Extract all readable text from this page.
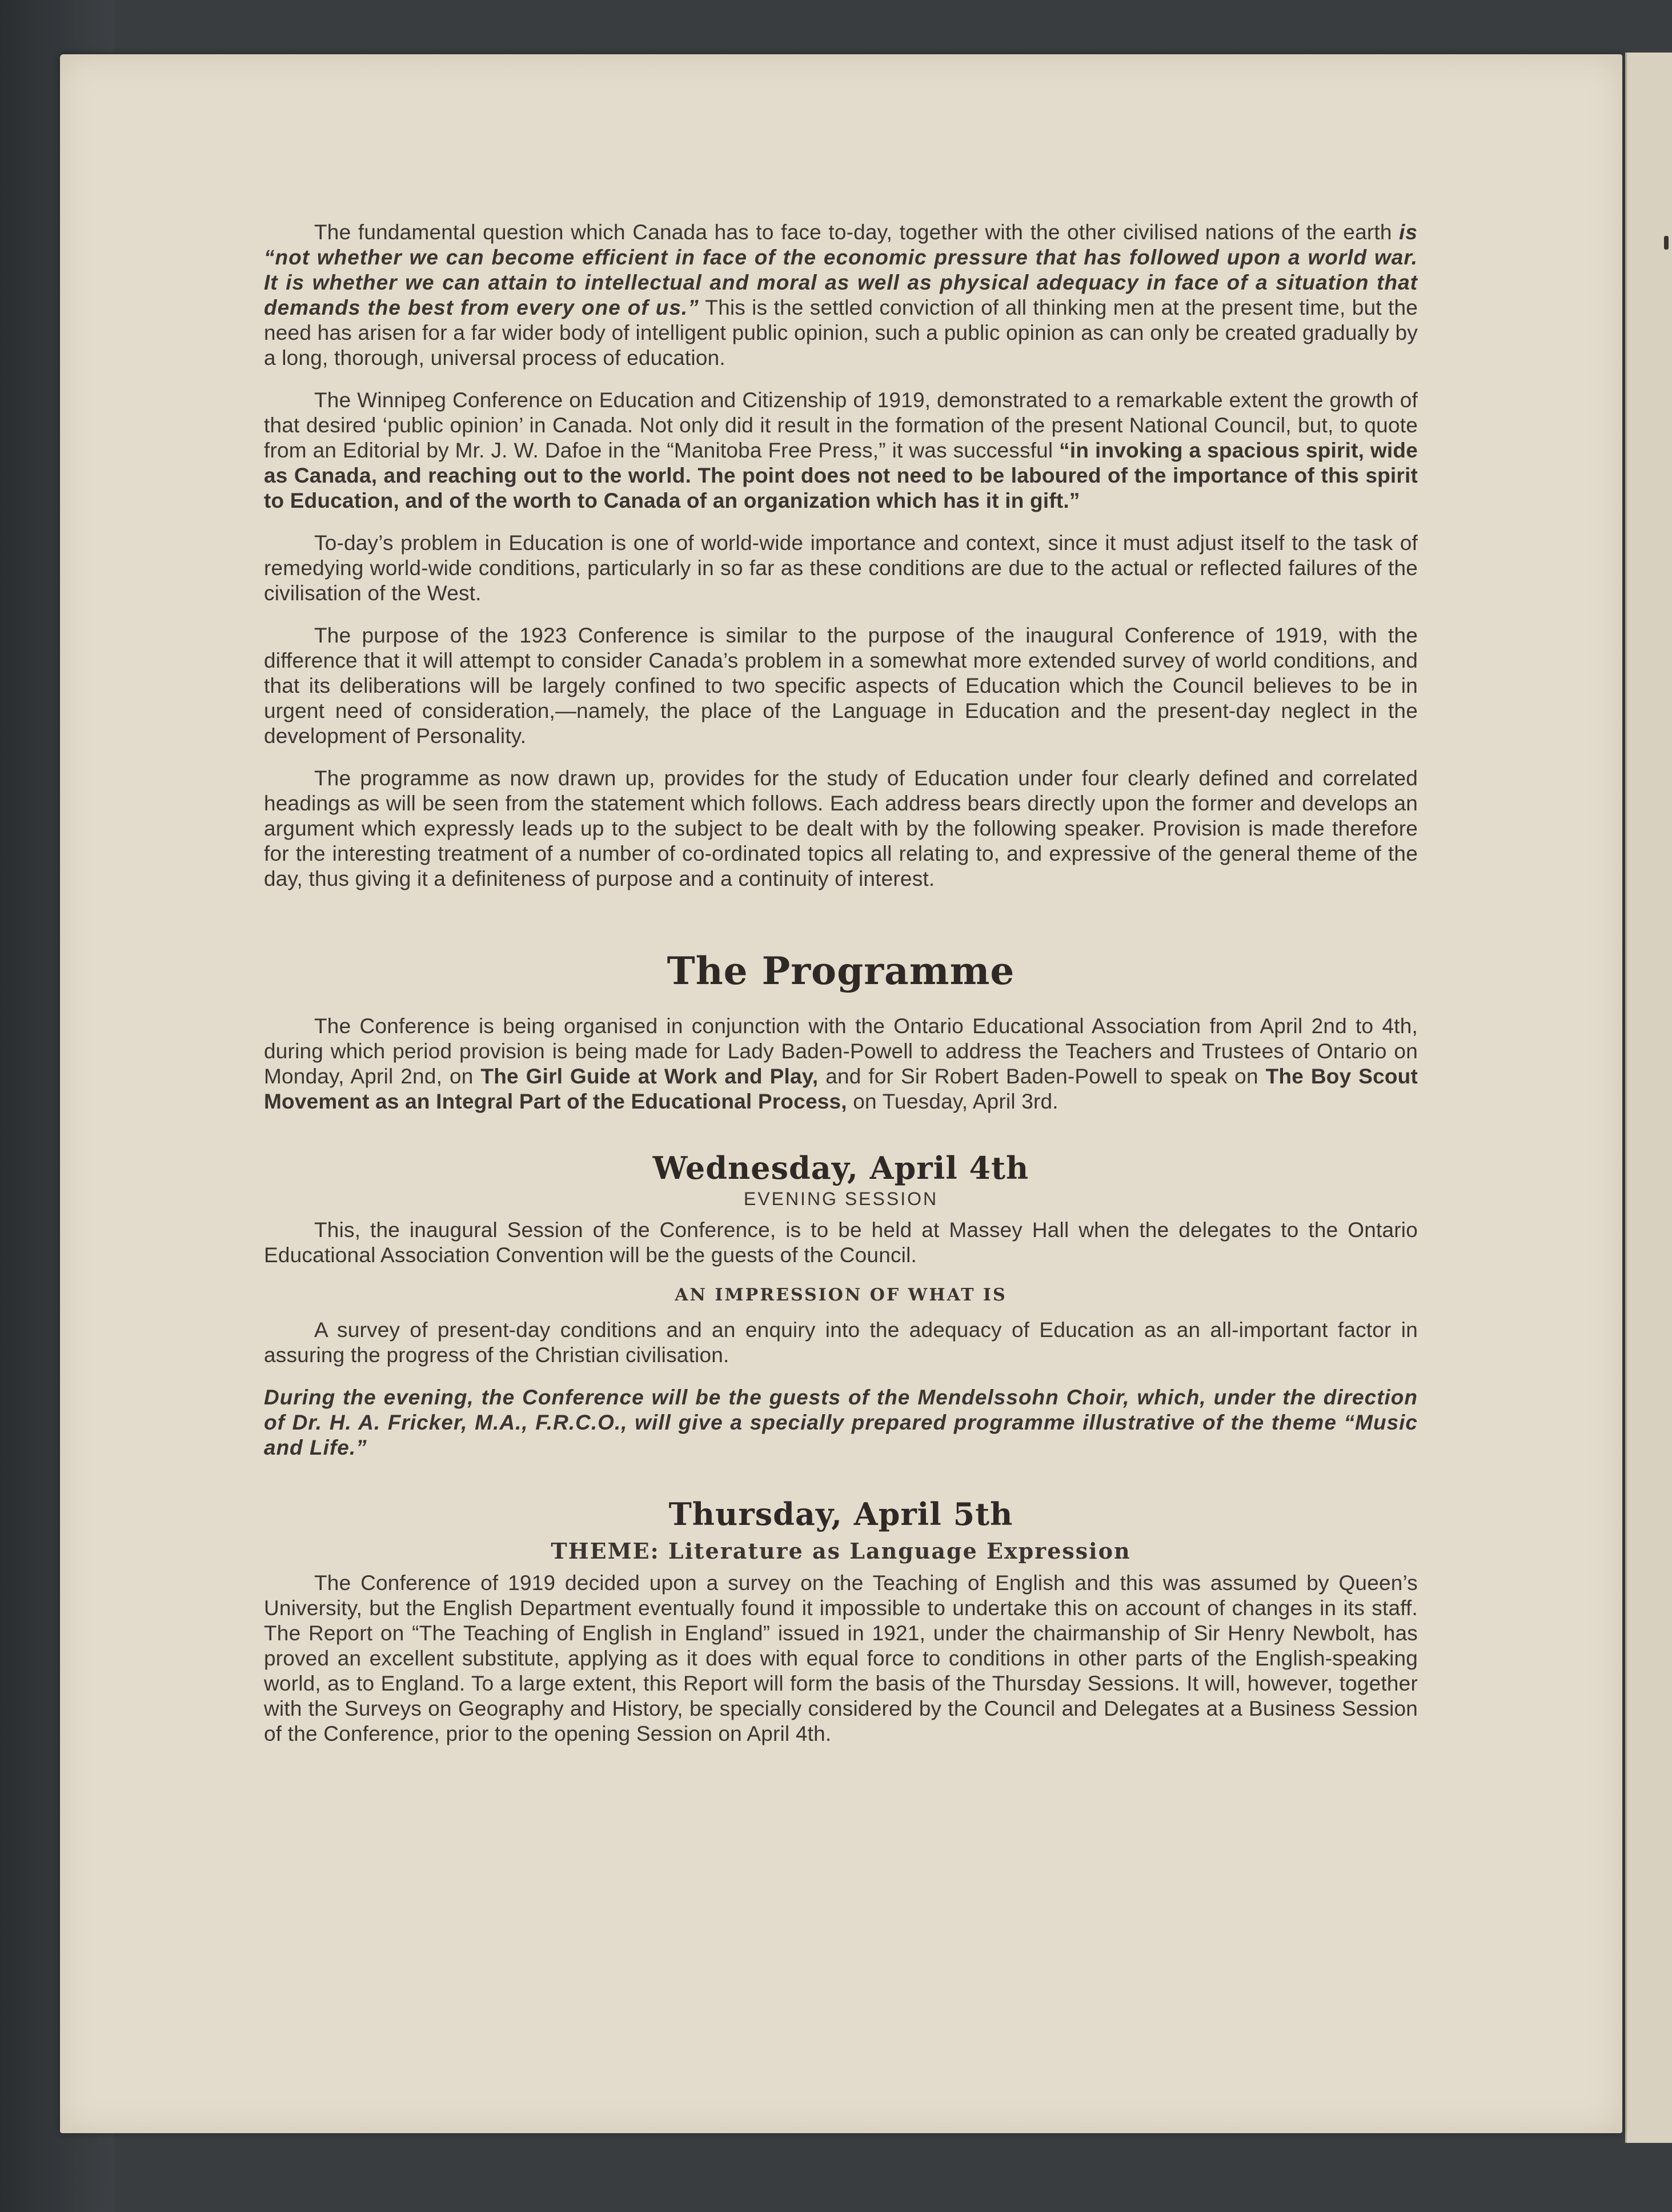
The fundamental question which Canada has to face to-day, together with the other civilised nations of the earth is “not whether we can become efficient in face of the economic pressure that has followed upon a world war. It is whether we can attain to intellectual and moral as well as physical adequacy in face of a situation that demands the best from every one of us.” This is the settled conviction of all thinking men at the present time, but the need has arisen for a far wider body of intelligent public opinion, such a public opinion as can only be created gradually by a long, thorough, universal process of education.

The Winnipeg Conference on Education and Citizenship of 1919, demonstrated to a remarkable extent the growth of that desired ‘public opinion’ in Canada. Not only did it result in the formation of the present National Council, but, to quote from an Editorial by Mr. J. W. Dafoe in the “Manitoba Free Press,” it was successful “in invoking a spacious spirit, wide as Canada, and reaching out to the world. The point does not need to be laboured of the importance of this spirit to Education, and of the worth to Canada of an organization which has it in gift.”

To-day’s problem in Education is one of world-wide importance and context, since it must adjust itself to the task of remedying world-wide conditions, particularly in so far as these conditions are due to the actual or reflected failures of the civilisation of the West.

The purpose of the 1923 Conference is similar to the purpose of the inaugural Conference of 1919, with the difference that it will attempt to consider Canada’s problem in a somewhat more extended survey of world conditions, and that its deliberations will be largely confined to two specific aspects of Education which the Council believes to be in urgent need of consideration,—namely, the place of the Language in Education and the present-day neglect in the development of Personality.

The programme as now drawn up, provides for the study of Education under four clearly defined and correlated headings as will be seen from the statement which follows. Each address bears directly upon the former and develops an argument which expressly leads up to the subject to be dealt with by the following speaker. Provision is made therefore for the interesting treatment of a number of co-ordinated topics all relating to, and expressive of the general theme of the day, thus giving it a definiteness of purpose and a continuity of interest.

The Programme

The Conference is being organised in conjunction with the Ontario Educational Association from April 2nd to 4th, during which period provision is being made for Lady Baden-Powell to address the Teachers and Trustees of Ontario on Monday, April 2nd, on The Girl Guide at Work and Play, and for Sir Robert Baden-Powell to speak on The Boy Scout Movement as an Integral Part of the Educational Process, on Tuesday, April 3rd.

Wednesday, April 4th
EVENING SESSION

This, the inaugural Session of the Conference, is to be held at Massey Hall when the delegates to the Ontario Educational Association Convention will be the guests of the Council.

AN IMPRESSION OF WHAT IS

A survey of present-day conditions and an enquiry into the adequacy of Education as an all-important factor in assuring the progress of the Christian civilisation.

During the evening, the Conference will be the guests of the Mendelssohn Choir, which, under the direction of Dr. H. A. Fricker, M.A., F.R.C.O., will give a specially prepared programme illustrative of the theme “Music and Life.”

Thursday, April 5th
THEME: Literature as Language Expression

The Conference of 1919 decided upon a survey on the Teaching of English and this was assumed by Queen’s University, but the English Department eventually found it impossible to undertake this on account of changes in its staff. The Report on “The Teaching of English in England” issued in 1921, under the chairmanship of Sir Henry Newbolt, has proved an excellent substitute, applying as it does with equal force to conditions in other parts of the English-speaking world, as to England. To a large extent, this Report will form the basis of the Thursday Sessions. It will, however, together with the Surveys on Geography and History, be specially considered by the Council and Delegates at a Business Session of the Conference, prior to the opening Session on April 4th.
